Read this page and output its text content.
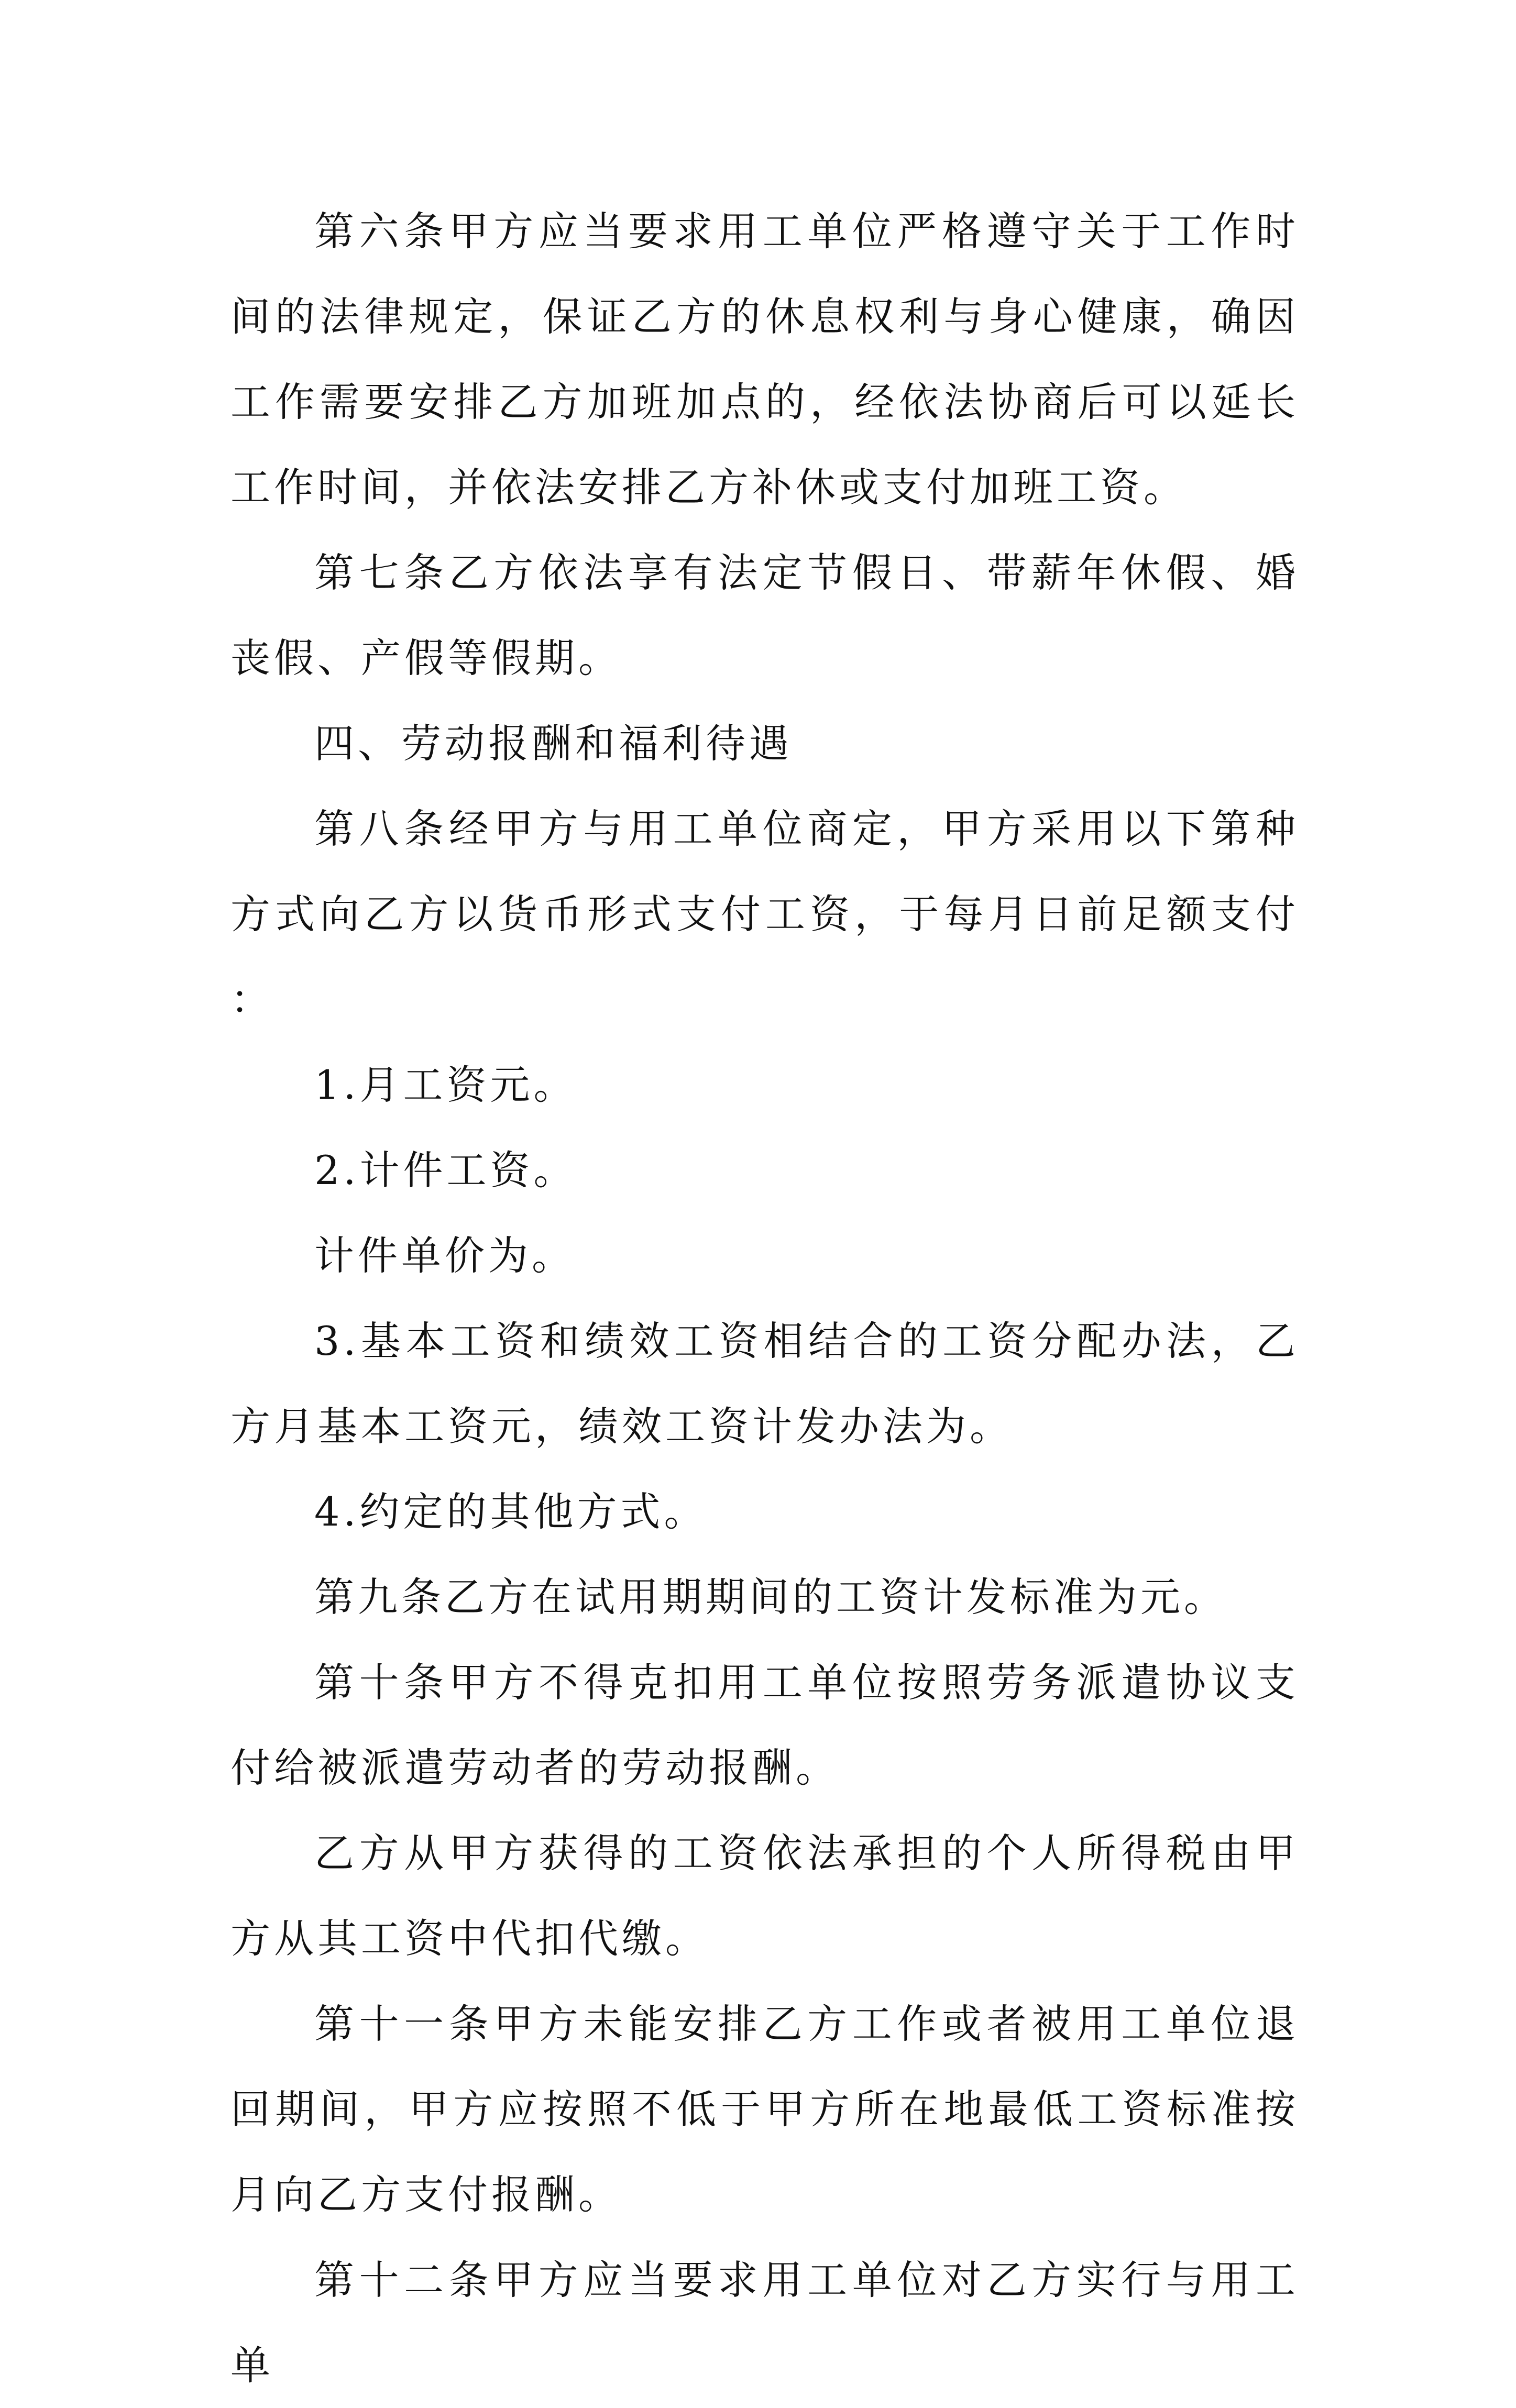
第六条甲方应当要求用工单位严格遵守关于工作时间的法律规定，保证乙方的休息权利与身心健康，确因工作需要安排乙方加班加点的，经依法协商后可以延长工作时间，并依法安排乙方补休或支付加班工资。

第七条乙方依法享有法定节假日、带薪年休假、婚丧假、产假等假期。

四、劳动报酬和福利待遇

第八条经甲方与用工单位商定，甲方采用以下第种方式向乙方以货币形式支付工资，于每月日前足额支付：

1.月工资元。

2.计件工资。

计件单价为。

3.基本工资和绩效工资相结合的工资分配办法，乙方月基本工资元，绩效工资计发办法为。

4.约定的其他方式。

第九条乙方在试用期期间的工资计发标准为元。

第十条甲方不得克扣用工单位按照劳务派遣协议支付给被派遣劳动者的劳动报酬。

乙方从甲方获得的工资依法承担的个人所得税由甲方从其工资中代扣代缴。

第十一条甲方未能安排乙方工作或者被用工单位退回期间，甲方应按照不低于甲方所在地最低工资标准按月向乙方支付报酬。

第十二条甲方应当要求用工单位对乙方实行与用工单
